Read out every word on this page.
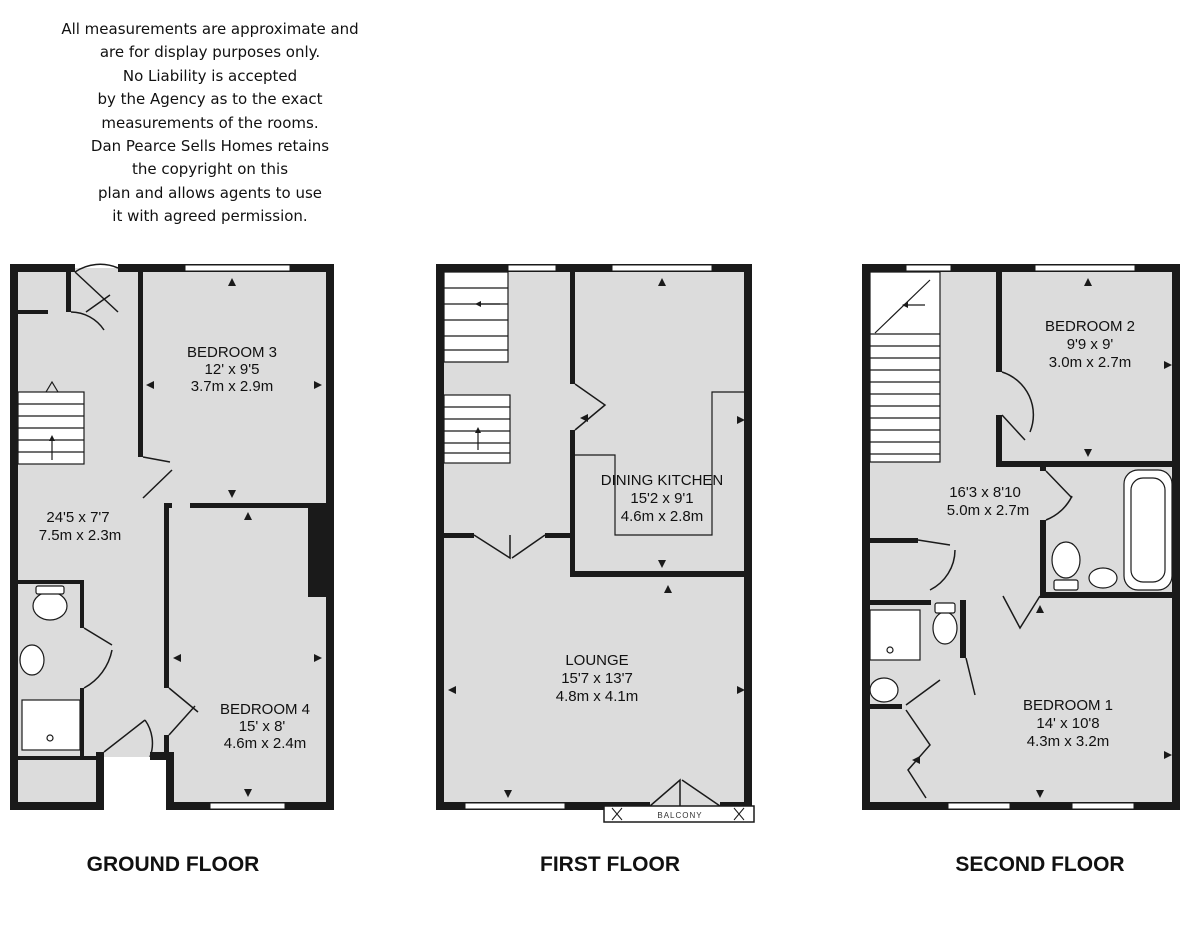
All measurements are approximate and
are for display purposes only.
No Liability is accepted
by the Agency as to the exact
measurements of the rooms.
Dan Pearce Sells Homes retains
the copyright on this
plan and allows agents to use
it with agreed permission.
BEDROOM 3
12' x 9'5
3.7m x 2.9m
24'5 x 7'7
7.5m x 2.3m
BEDROOM 4
15' x 8'
4.6m x 2.4m
BALCONY
DINING KITCHEN
15'2 x 9'1
4.6m x 2.8m
LOUNGE
15'7 x 13'7
4.8m x 4.1m
BEDROOM 2
9'9 x 9'
3.0m x 2.7m
16'3 x 8'10
5.0m x 2.7m
BEDROOM 1
14' x 10'8
4.3m x 3.2m
GROUND FLOOR	FIRST FLOOR	SECOND FLOOR
